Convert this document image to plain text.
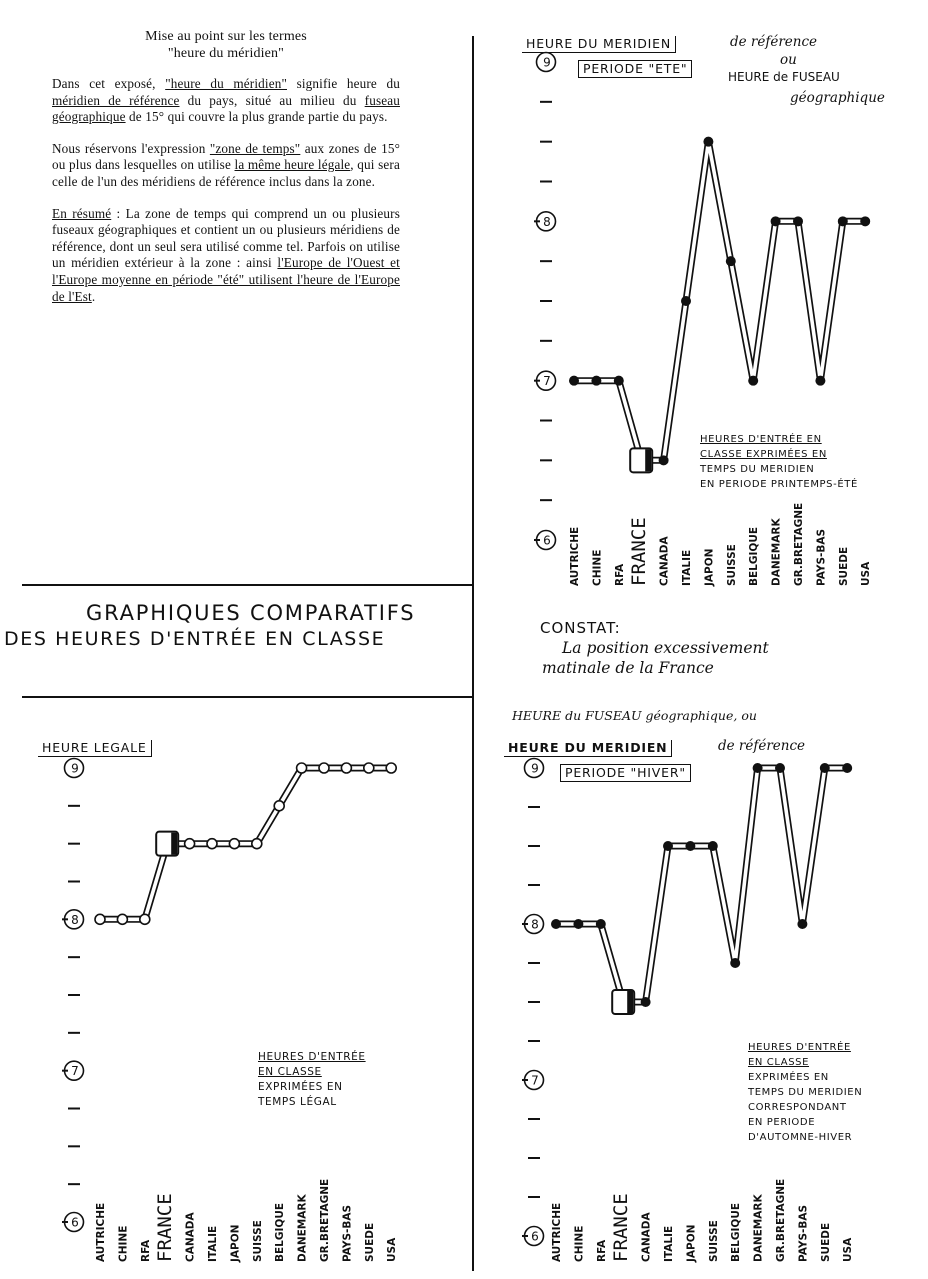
Mise au point sur les termes
"heure du méridien"

Dans cet exposé, "heure du méridien" signifie heure du méridien de référence du pays, situé au milieu du fuseau géographique de 15° qui couvre la plus grande partie du pays.

Nous réservons l'expression "zone de temps" aux zones de 15° ou plus dans lesquelles on utilise la même heure légale, qui sera celle de l'un des méridiens de référence inclus dans la zone.

En résumé : La zone de temps qui comprend un ou plusieurs fuseaux géographiques et contient un ou plusieurs méridiens de référence, dont un seul sera utilisé comme tel. Parfois on utilise un méridien extérieur à la zone : ainsi l'Europe de l'Ouest et l'Europe moyenne en période "été" utilisent l'heure de l'Europe de l'Est.

GRAPHIQUES COMPARATIFS
DES HEURES D'ENTRÉE EN CLASSE	CONSTAT:
La position excessivement
matinale de la France
HEURE DU MERIDIEN	de référence
ou
HEURE de FUSEAU
géographique
PERIODE "ETE"
HEURES D'ENTRÉE EN
CLASSE EXPRIMÉES EN
TEMPS DU MERIDIEN
EN PERIODE PRINTEMPS-ÉTÉ
8
7
6
9
AUTRICHE CHINE RFA FRANCE CANADA ITALIE JAPON SUISSE BELGIQUE DANEMARK GR.BRETAGNE PAYS-BAS SUEDE USA
HEURE LEGALE
HEURES D'ENTRÉE
EN CLASSE
EXPRIMÉES EN
TEMPS LÉGAL
8
7
6
9
AUTRICHE CHINE RFA FRANCE CANADA ITALIE JAPON SUISSE BELGIQUE DANEMARK GR.BRETAGNE PAYS-BAS SUEDE USA
HEURE du FUSEAU géographique, ou
HEURE DU MERIDIEN	de référence
PERIODE "HIVER"
HEURES D'ENTRÉE
EN CLASSE
EXPRIMÉES EN
TEMPS DU MERIDIEN
CORRESPONDANT
EN PERIODE
D'AUTOMNE-HIVER
8
7
6
9
AUTRICHE CHINE RFA FRANCE CANADA ITALIE JAPON SUISSE BELGIQUE DANEMARK GR.BRETAGNE PAYS-BAS SUEDE USA
